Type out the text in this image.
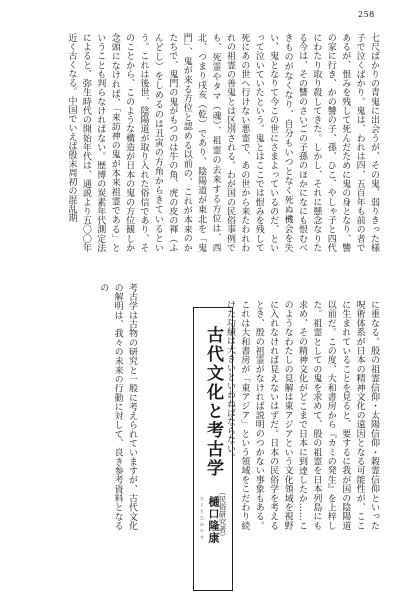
258
七尺ばかりの青鬼に出会うが、その鬼、弱りきった様子で泣くばかり。鬼は、われは四、五百年も前の者であるが、恨みを残して死んだために鬼の身となり、讐の家に行き、かの讐の子、孫、ひこ、やしゃ子と四代にわたり取り殺してきた。しかし、それに懸念なりたる今は、その讐のさいごの子孫のほかになにも恨むべきものがなくなり、自分もいつとなく死ぬ機会を失い、鬼となりて今この世にさまよっているのだ、といって泣いていたという。鬼とはここでは恨みを残して死にあの世へ行けない悪霊で、あの世から来たわれわれの祖霊の善鬼とは区別される。わが国の民俗事例でも、死霊やタマ（魂）、祖霊の去来する方位は、西北、つまり戌亥（乾）であり、陰陽道が東北を「鬼門」、鬼が来る方位と認める以前の、これが本来のかたちで、鬼門の鬼がもつのは牛の角、虎の皮の褌（ふんどし）をしめるのは丑寅の方角からきているという。これは後世、陰陽道が取り入れた俗信であり、そのことから、このような構造が日本の鬼の方位観しか念頭になければ、「来訪神の鬼が本来祖霊である」ということも判らなければない。歴博の炭素年代測定法によると、弥生時代の開始年代は、通説より五〇〇年近く古くなる。中国でいえば殷末周初の混乱期
に重なる。殷の祖霊信仰・太陽信仰・穀霊信仰といった呪術体系が日本の精神文化の遠因となる可能性が、ここに生まれていることを見ると、要するに我が国の陰陽道以前だ。この度、大和書房から『カミの発生』を上梓した。祖霊としての鬼を求めて、殷の祖霊を日本列島にも求め、その精神文化がどこまで日本に到達したか……このようなわたしの見解は東アジアという文化領域を視野に入れなければ見えないはずだ。日本の民俗学を考えるとき、殷の祖霊がなければ説明のつかない事象もある。これは大和書房が「東アジア」という領域をこだわり続けた功績は大きいといわねばならない。
（民俗研究者）
古代文化と考古学
ひぐちたかやす 樋口隆康
考古学は古物の研究と一般に考えられていますが、古代文化の解明は、我々の未来の行動に対して、良き参考資料となるの
